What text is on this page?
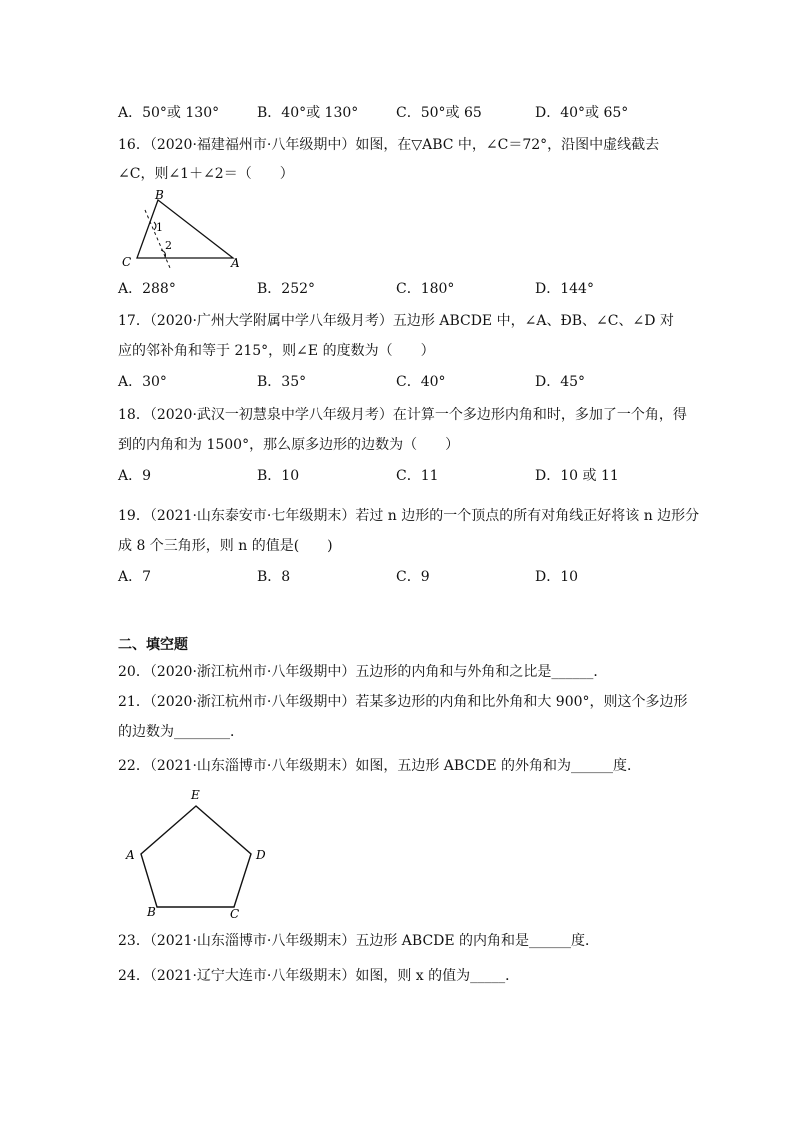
A．50°或 130°	B．40°或 130°	C．50°或 65	D．40°或 65°
16．（2020·福建福州市·八年级期中）如图，在▽ABC 中，∠C＝72°，沿图中虚线截去
∠C，则∠1＋∠2＝（　　）
B
C	A
1
2
A．288°	B．252°	C．180°	D．144°
17．（2020·广州大学附属中学八年级月考）五边形 ABCDE 中，∠A、ÐB、∠C、∠D 对
应的邻补角和等于 215°，则∠E 的度数为（　　）
A．30°	B．35°	C．40°	D．45°
18．（2020·武汉一初慧泉中学八年级月考）在计算一个多边形内角和时，多加了一个角，得
到的内角和为 1500°，那么原多边形的边数为（　　）
A．9	B．10	C．11	D．10 或 11
19．（2021·山东泰安市·七年级期末）若过 n 边形的一个顶点的所有对角线正好将该 n 边形分
成 8 个三角形，则 n 的值是(　　)
A．7	B．8	C．9	D．10
二、填空题
20．（2020·浙江杭州市·八年级期中）五边形的内角和与外角和之比是______．
21．（2020·浙江杭州市·八年级期中）若某多边形的内角和比外角和大 900°，则这个多边形
的边数为________．
22．（2021·山东淄博市·八年级期末）如图，五边形 ABCDE 的外角和为______度．
E
A	D
B	C
23．（2021·山东淄博市·八年级期末）五边形 ABCDE 的内角和是______度．
24．（2021·辽宁大连市·八年级期末）如图，则 x 的值为_____．
